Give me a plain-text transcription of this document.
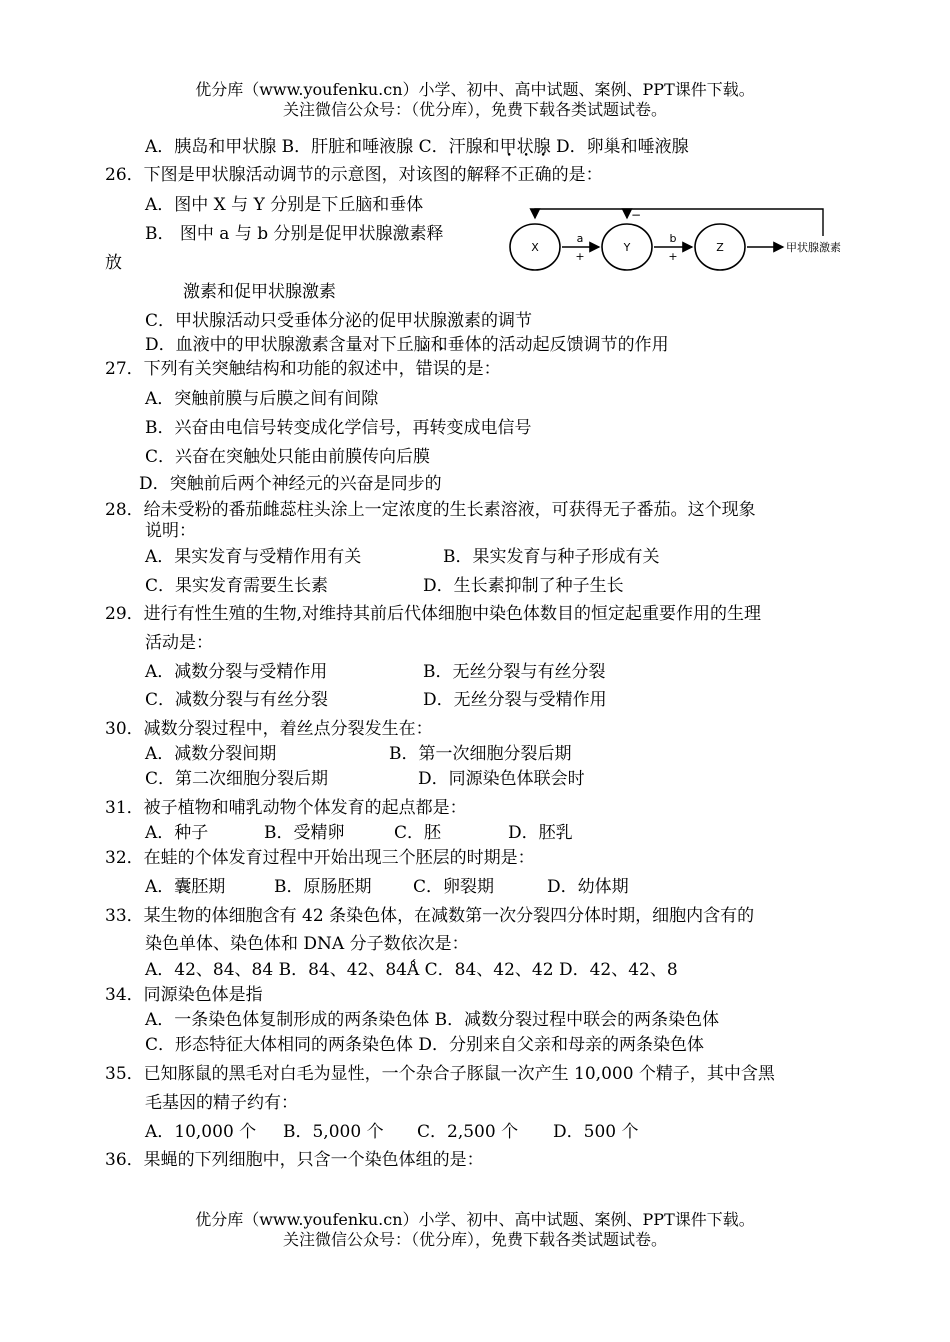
优分库（www.youfenku.cn）小学、初中、高中试题、案例、PPT课件下载。
关注微信公众号：（优分库），免费下载各类试题试卷。
A．胰岛和甲状腺 B．肝脏和唾液腺 C．汗腺和甲状腺 D．卵巢和唾液腺
26．下图是甲状腺活动调节的示意图，对该图的解释不正确的是：
A．图中 X 与 Y 分别是下丘脑和垂体
B． 图中 a 与 b 分别是促甲状腺激素释
放
激素和促甲状腺激素
C．甲状腺活动只受垂体分泌的促甲状腺激素的调节
D．血液中的甲状腺激素含量对下丘脑和垂体的活动起反馈调节的作用
−
X	Y	Z
a
+
b
+
甲状腺激素
27．下列有关突触结构和功能的叙述中，错误的是：
A．突触前膜与后膜之间有间隙
B．兴奋由电信号转变成化学信号，再转变成电信号
C．兴奋在突触处只能由前膜传向后膜
D．突触前后两个神经元的兴奋是同步的
28．给未受粉的番茄雌蕊柱头涂上一定浓度的生长素溶液，可获得无子番茄。这个现象
说明：
A．果实发育与受精作用有关	B．果实发育与种子形成有关
C．果实发育需要生长素	D．生长素抑制了种子生长
29．进行有性生殖的生物,对维持其前后代体细胞中染色体数目的恒定起重要作用的生理
活动是：
A．减数分裂与受精作用	B．无丝分裂与有丝分裂
C．减数分裂与有丝分裂	D．无丝分裂与受精作用
30．减数分裂过程中，着丝点分裂发生在：
A．减数分裂间期	B．第一次细胞分裂后期
C．第二次细胞分裂后期	D．同源染色体联会时
31．被子植物和哺乳动物个体发育的起点都是：
A．种子	B．受精卵	C．胚	D．胚乳
32．在蛙的个体发育过程中开始出现三个胚层的时期是：
A．囊胚期	B．原肠胚期 C．卵裂期	D．幼体期
33．某生物的体细胞含有 42 条染色体，在减数第一次分裂四分体时期，细胞内含有的
染色单体、染色体和 DNA 分子数依次是：
A．42、84、84 B．84、42、84Ǻ C．84、42、42 D．42、42、8
34．同源染色体是指
A．一条染色体复制形成的两条染色体 B．减数分裂过程中联会的两条染色体
C．形态特征大体相同的两条染色体 D．分别来自父亲和母亲的两条染色体
35．已知豚鼠的黑毛对白毛为显性，一个杂合子豚鼠一次产生 10,000 个精子，其中含黑
毛基因的精子约有：
A．10,000 个 B．5,000 个 C．2,500 个 D．500 个
36．果蝇的下列细胞中，只含一个染色体组的是：
优分库（www.youfenku.cn）小学、初中、高中试题、案例、PPT课件下载。
关注微信公众号：（优分库），免费下载各类试题试卷。
